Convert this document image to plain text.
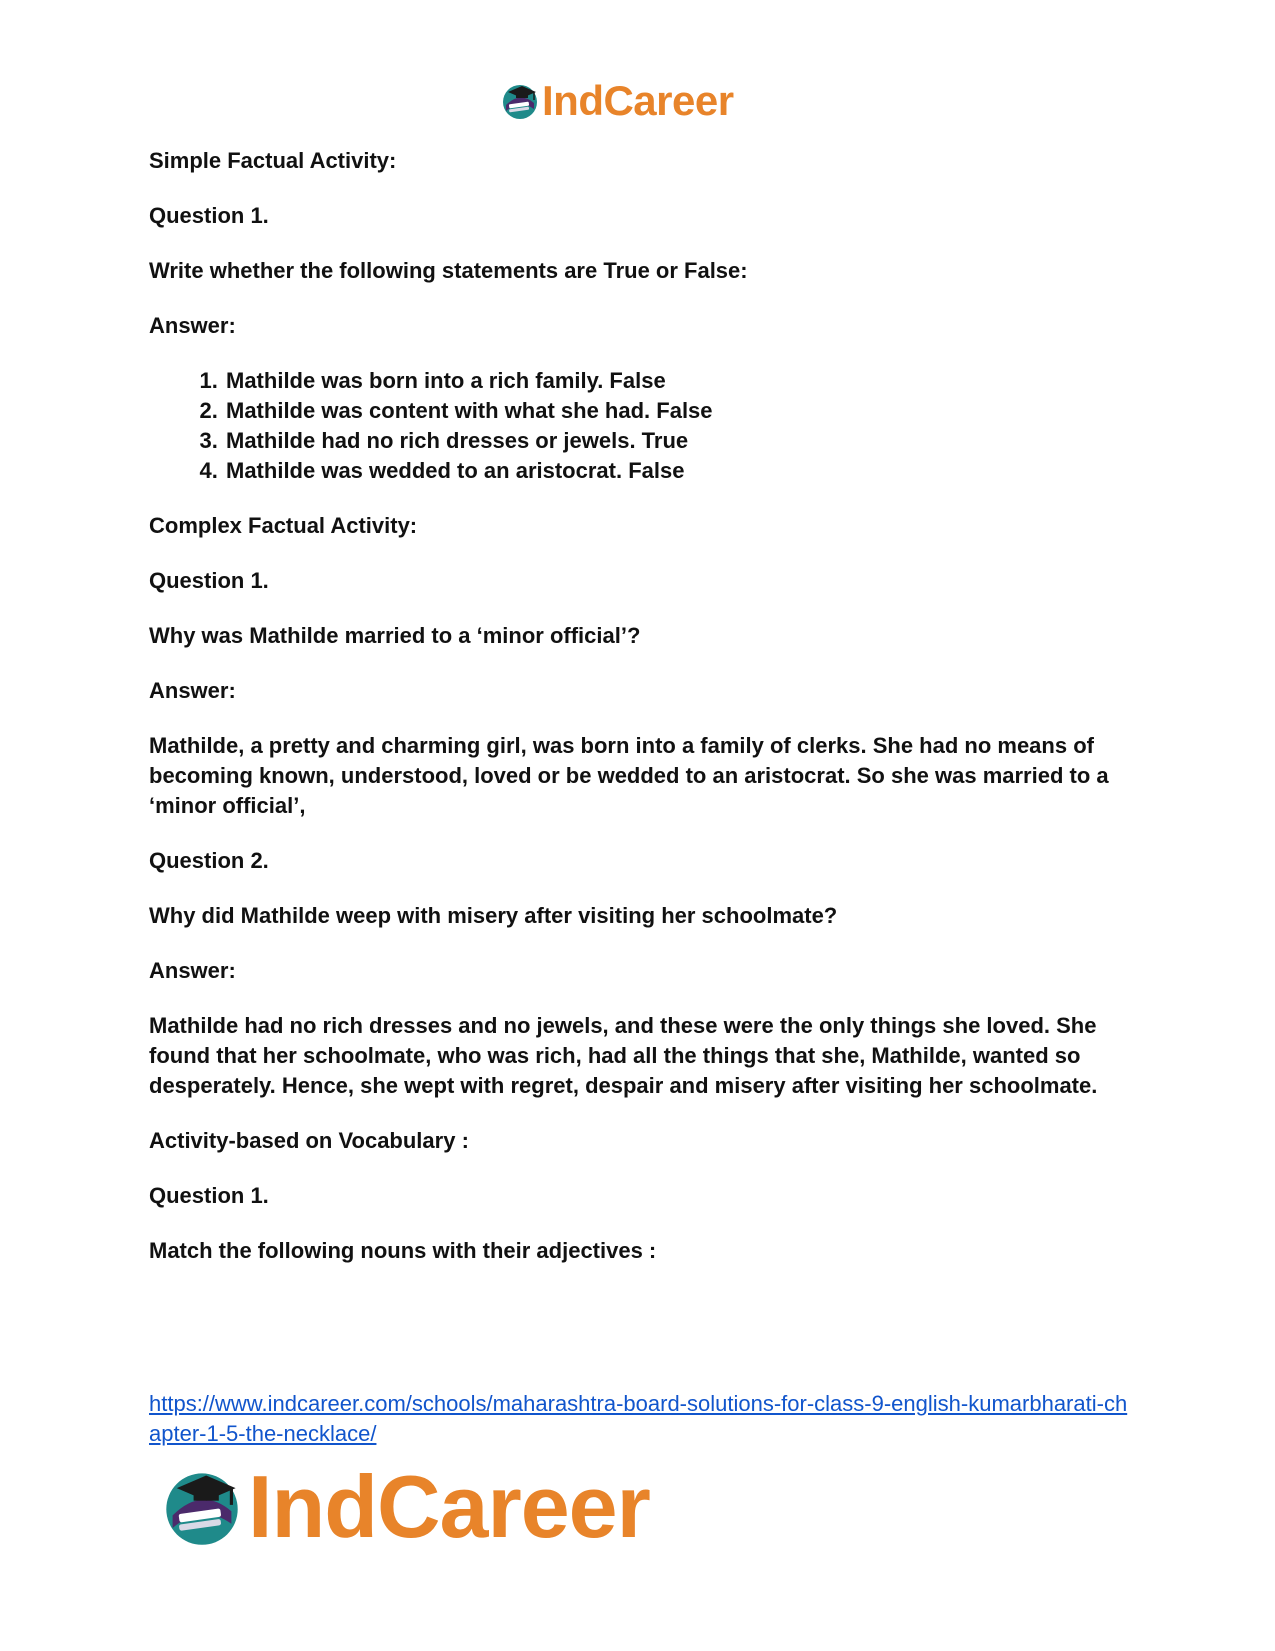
IndCareer

Simple Factual Activity:

Question 1.

Write whether the following statements are True or False:

Answer:

1. Mathilde was born into a rich family. False
2. Mathilde was content with what she had. False
3. Mathilde had no rich dresses or jewels. True
4. Mathilde was wedded to an aristocrat. False

Complex Factual Activity:

Question 1.

Why was Mathilde married to a ‘minor official’?

Answer:

Mathilde, a pretty and charming girl, was born into a family of clerks. She had no means of becoming known, understood, loved or be wedded to an aristocrat. So she was married to a ‘minor official’,

Question 2.

Why did Mathilde weep with misery after visiting her schoolmate?

Answer:

Mathilde had no rich dresses and no jewels, and these were the only things she loved. She found that her schoolmate, who was rich, had all the things that she, Mathilde, wanted so desperately. Hence, she wept with regret, despair and misery after visiting her schoolmate.

Activity-based on Vocabulary :

Question 1.

Match the following nouns with their adjectives :

https://www.indcareer.com/schools/maharashtra-board-solutions-for-class-9-english-kumarbharati-chapter-1-5-the-necklace/
IndCareer
